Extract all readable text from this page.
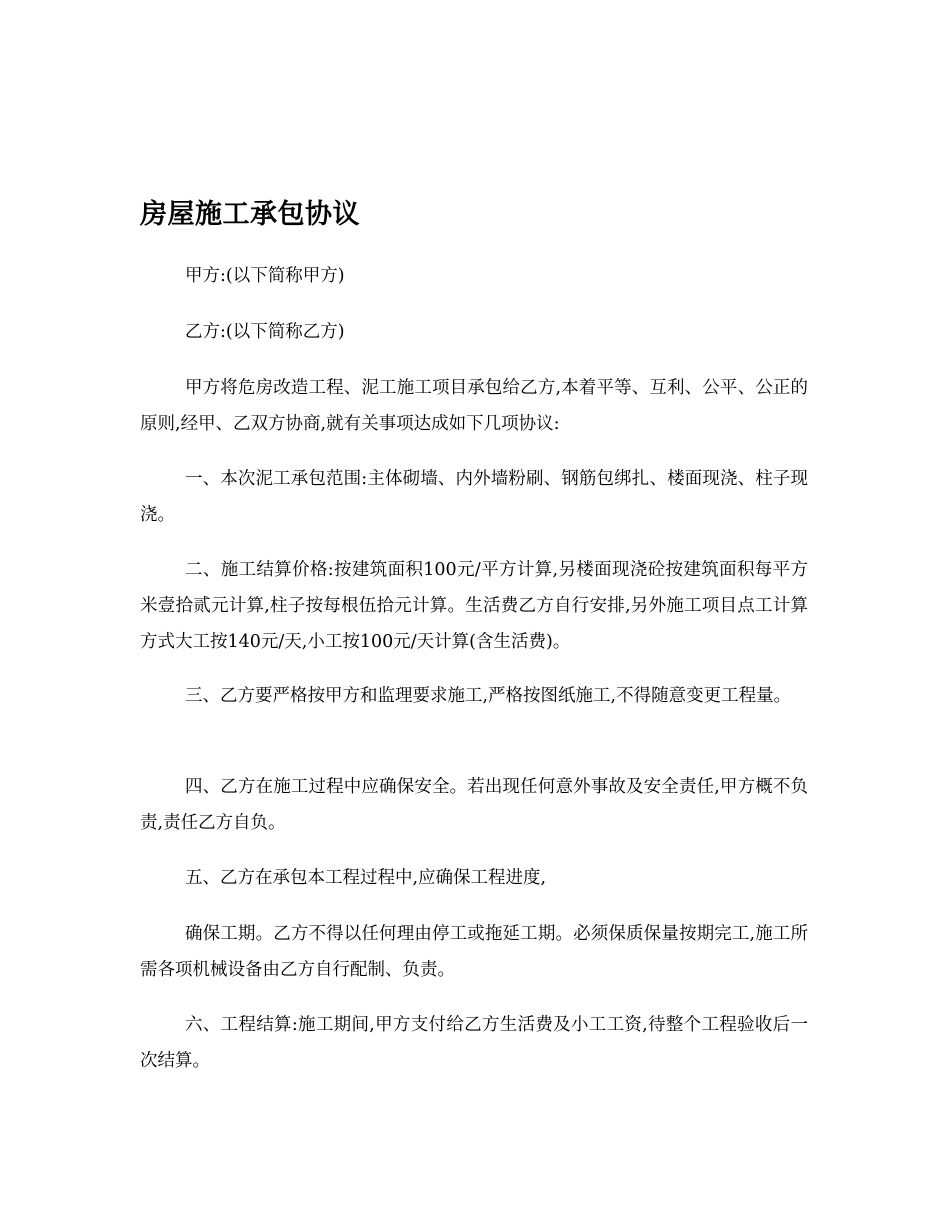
房屋施工承包协议

甲方:(以下简称甲方)

乙方:(以下简称乙方)

甲方将危房改造工程、泥工施工项目承包给乙方,本着平等、互利、公平、公正的原则,经甲、乙双方协商,就有关事项达成如下几项协议:

一、本次泥工承包范围:主体砌墙、内外墙粉刷、钢筋包绑扎、楼面现浇、柱子现浇。

二、施工结算价格:按建筑面积100元/平方计算,另楼面现浇砼按建筑面积每平方米壹拾贰元计算,柱子按每根伍拾元计算。生活费乙方自行安排,另外施工项目点工计算方式大工按140元/天,小工按100元/天计算(含生活费)。

三、乙方要严格按甲方和监理要求施工,严格按图纸施工,不得随意变更工程量。

四、乙方在施工过程中应确保安全。若出现任何意外事故及安全责任,甲方概不负责,责任乙方自负。

五、乙方在承包本工程过程中,应确保工程进度,

确保工期。乙方不得以任何理由停工或拖延工期。必须保质保量按期完工,施工所需各项机械设备由乙方自行配制、负责。

六、工程结算:施工期间,甲方支付给乙方生活费及小工工资,待整个工程验收后一次结算。
